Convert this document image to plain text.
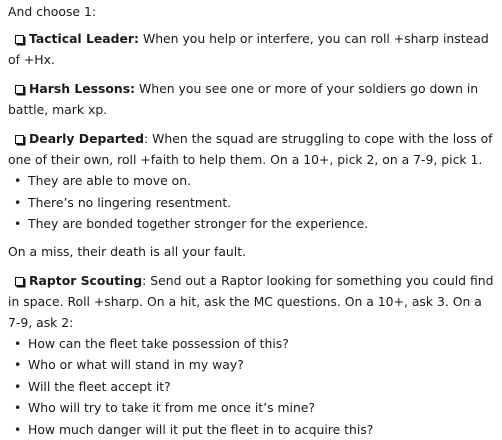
And choose 1:

Tactical Leader: When you help or interfere, you can roll +sharp instead

of +Hx.

Harsh Lessons: When you see one or more of your soldiers go down in

battle, mark xp.

Dearly Departed: When the squad are struggling to cope with the loss of

one of their own, roll +faith to help them. On a 10+, pick 2, on a 7-9, pick 1.

• They are able to move on.
• There’s no lingering resentment.
• They are bonded together stronger for the experience.

On a miss, their death is all your fault.

Raptor Scouting: Send out a Raptor looking for something you could find

in space. Roll +sharp. On a hit, ask the MC questions. On a 10+, ask 3. On a

7-9, ask 2:

• How can the fleet take possession of this?
• Who or what will stand in my way?
• Will the fleet accept it?
• Who will try to take it from me once it’s mine?
• How much danger will it put the fleet in to acquire this?
